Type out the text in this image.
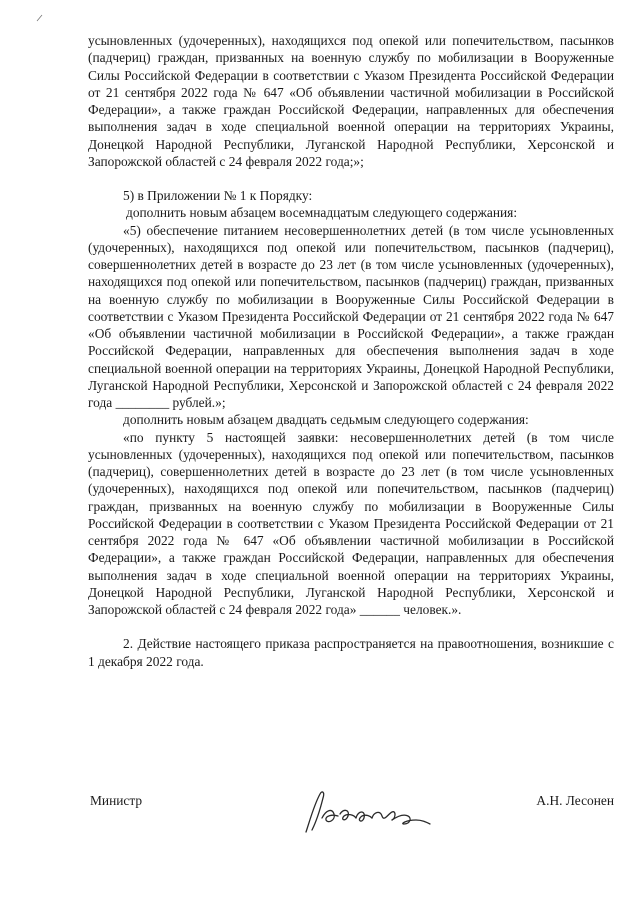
усыновленных (удочеренных), находящихся под опекой или попечительством, пасынков (падчериц) граждан, призванных на военную службу по мобилизации в Вооруженные Силы Российской Федерации в соответствии с Указом Президента Российской Федерации от 21 сентября 2022 года № 647 «Об объявлении частичной мобилизации в Российской Федерации», а также граждан Российской Федерации, направленных для обеспечения выполнения задач в ходе специальной военной операции на территориях Украины, Донецкой Народной Республики, Луганской Народной Республики, Херсонской и Запорожской областей с 24 февраля 2022 года;»;

5) в Приложении № 1 к Порядку:

дополнить новым абзацем восемнадцатым следующего содержания:

«5) обеспечение питанием несовершеннолетних детей (в том числе усыновленных (удочеренных), находящихся под опекой или попечительством, пасынков (падчериц), совершеннолетних детей в возрасте до 23 лет (в том числе усыновленных (удочеренных), находящихся под опекой или попечительством, пасынков (падчериц) граждан, призванных на военную службу по мобилизации в Вооруженные Силы Российской Федерации в соответствии с Указом Президента Российской Федерации от 21 сентября 2022 года № 647 «Об объявлении частичной мобилизации в Российской Федерации», а также граждан Российской Федерации, направленных для обеспечения выполнения задач в ходе специальной военной операции на территориях Украины, Донецкой Народной Республики, Луганской Народной Республики, Херсонской и Запорожской областей с 24 февраля 2022 года ________ рублей.»;

дополнить новым абзацем двадцать седьмым следующего содержания:

«по пункту 5 настоящей заявки: несовершеннолетних детей (в том числе усыновленных (удочеренных), находящихся под опекой или попечительством, пасынков (падчериц), совершеннолетних детей в возрасте до 23 лет (в том числе усыновленных (удочеренных), находящихся под опекой или попечительством, пасынков (падчериц) граждан, призванных на военную службу по мобилизации в Вооруженные Силы Российской Федерации в соответствии с Указом Президента Российской Федерации от 21 сентября 2022 года № 647 «Об объявлении частичной мобилизации в Российской Федерации», а также граждан Российской Федерации, направленных для обеспечения выполнения задач в ходе специальной военной операции на территориях Украины, Донецкой Народной Республики, Луганской Народной Республики, Херсонской и Запорожской областей с 24 февраля 2022 года» ______ человек.».

2. Действие настоящего приказа распространяется на правоотношения, возникшие с 1 декабря 2022 года.

Министр	А.Н. Лесонен
